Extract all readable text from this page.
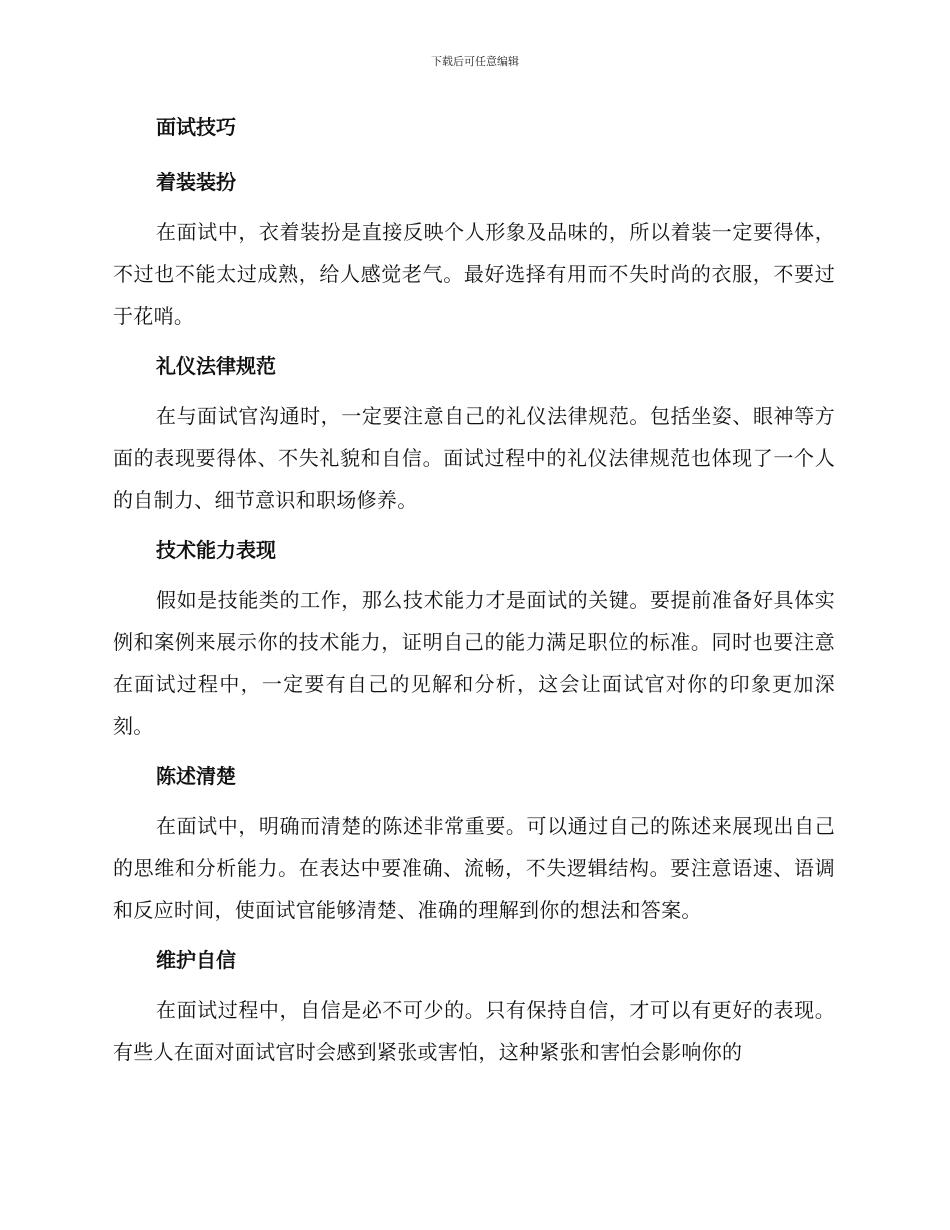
下载后可任意编辑
面试技巧
着装装扮

在面试中，衣着装扮是直接反映个人形象及品味的，所以着装一定要得体，不过也不能太过成熟，给人感觉老气。最好选择有用而不失时尚的衣服，不要过于花哨。

礼仪法律规范

在与面试官沟通时，一定要注意自己的礼仪法律规范。包括坐姿、眼神等方面的表现要得体、不失礼貌和自信。面试过程中的礼仪法律规范也体现了一个人的自制力、细节意识和职场修养。

技术能力表现

假如是技能类的工作，那么技术能力才是面试的关键。要提前准备好具体实例和案例来展示你的技术能力，证明自己的能力满足职位的标准。同时也要注意在面试过程中，一定要有自己的见解和分析，这会让面试官对你的印象更加深刻。

陈述清楚

在面试中，明确而清楚的陈述非常重要。可以通过自己的陈述来展现出自己的思维和分析能力。在表达中要准确、流畅，不失逻辑结构。要注意语速、语调和反应时间，使面试官能够清楚、准确的理解到你的想法和答案。

维护自信

在面试过程中，自信是必不可少的。只有保持自信，才可以有更好的表现。有些人在面对面试官时会感到紧张或害怕，这种紧张和害怕会影响你的
